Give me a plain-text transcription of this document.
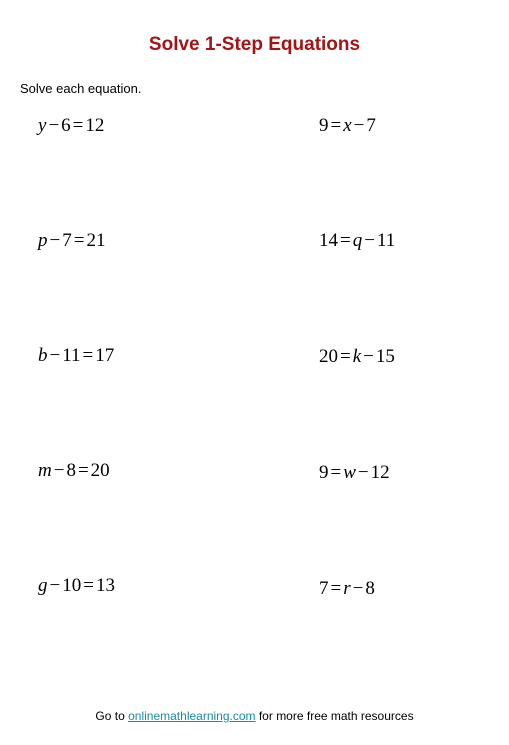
Solve 1-Step Equations

Solve each equation.

y − 6 = 12
p − 7 = 21
b − 11 = 17
m − 8 = 20
g − 10 = 13
9 = x − 7
14 = q − 11
20 = k − 15
9 = w − 12
7 = r − 8
Go to onlinemathlearning.com for more free math resources
